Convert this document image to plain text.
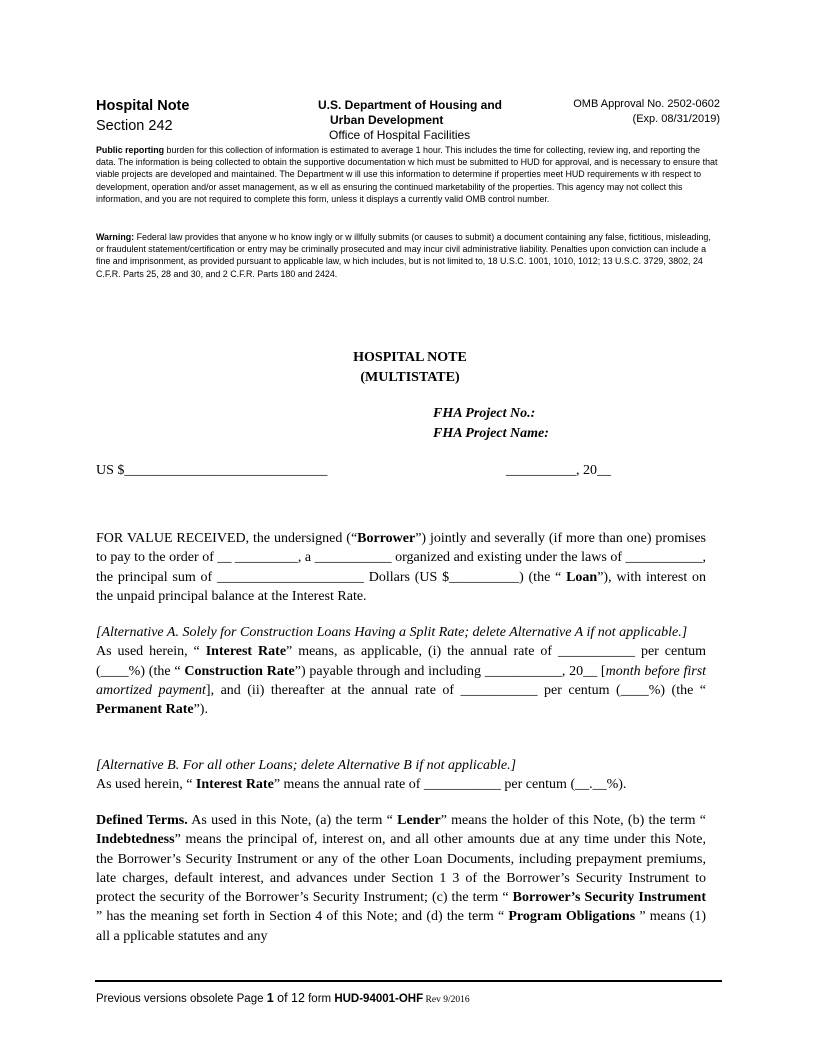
Hospital Note
Section 242
U.S. Department of Housing and
Urban Development
Office of Hospital Facilities
OMB Approval No. 2502-0602
(Exp. 08/31/2019)
Public reporting burden for this collection of information is estimated to average 1 hour. This includes the time for collecting, review ing, and reporting the data. The information is being collected to obtain the supportive documentation w hich must be submitted to HUD for approval, and is necessary to ensure that viable projects are developed and maintained. The Department w ill use this information to determine if properties meet HUD requirements w ith respect to development, operation and/or asset management, as w ell as ensuring the continued marketability of the properties. This agency may not collect this information, and you are not required to complete this form, unless it displays a currently valid OMB control number.
Warning: Federal law provides that anyone w ho know ingly or w illfully submits (or causes to submit) a document containing any false, fictitious, misleading, or fraudulent statement/certification or entry may be criminally prosecuted and may incur civil administrative liability. Penalties upon conviction can include a fine and imprisonment, as provided pursuant to applicable law, w hich includes, but is not limited to, 18 U.S.C. 1001, 1010, 1012; 13 U.S.C. 3729, 3802, 24 C.F.R. Parts 25, 28 and 30, and 2 C.F.R. Parts 180 and 2424.
HOSPITAL NOTE
(MULTISTATE)
FHA Project No.:
FHA Project Name:
US $_____________________________	__________, 20__
FOR VALUE RECEIVED, the undersigned (“Borrower”) jointly and severally (if more than one) promises to pay to the order of __ _________, a ___________ organized and existing under the laws of ___________, the principal sum of _____________________ Dollars (US $__________) (the “ Loan”), with interest on the unpaid principal balance at the Interest Rate.
[Alternative A. Solely for Construction Loans Having a Split Rate; delete Alternative A if not applicable.]
As used herein, “ Interest Rate” means, as applicable, (i) the annual rate of ___________ per centum (____%) (the “ Construction Rate”) payable through and including ___________, 20__ [month before first amortized payment], and (ii) thereafter at the annual rate of ___________ per centum (____%) (the “ Permanent Rate”).
[Alternative B. For all other Loans; delete Alternative B if not applicable.]
As used herein, “ Interest Rate” means the annual rate of ___________ per centum (__.__%).
Defined Terms. As used in this Note, (a) the term “ Lender” means the holder of this Note, (b) the term “ Indebtedness” means the principal of, interest on, and all other amounts due at any time under this Note, the Borrower’s Security Instrument or any of the other Loan Documents, including prepayment premiums, late charges, default interest, and advances under Section 1 3 of the Borrower’s Security Instrument to protect the security of the Borrower’s Security Instrument; (c) the term “ Borrower’s Security Instrument ” has the meaning set forth in Section 4 of this Note; and (d) the term “ Program Obligations ” means (1) all a pplicable statutes and any
Previous versions obsolete Page 1 of 12 form HUD-94001-OHF Rev 9/2016
